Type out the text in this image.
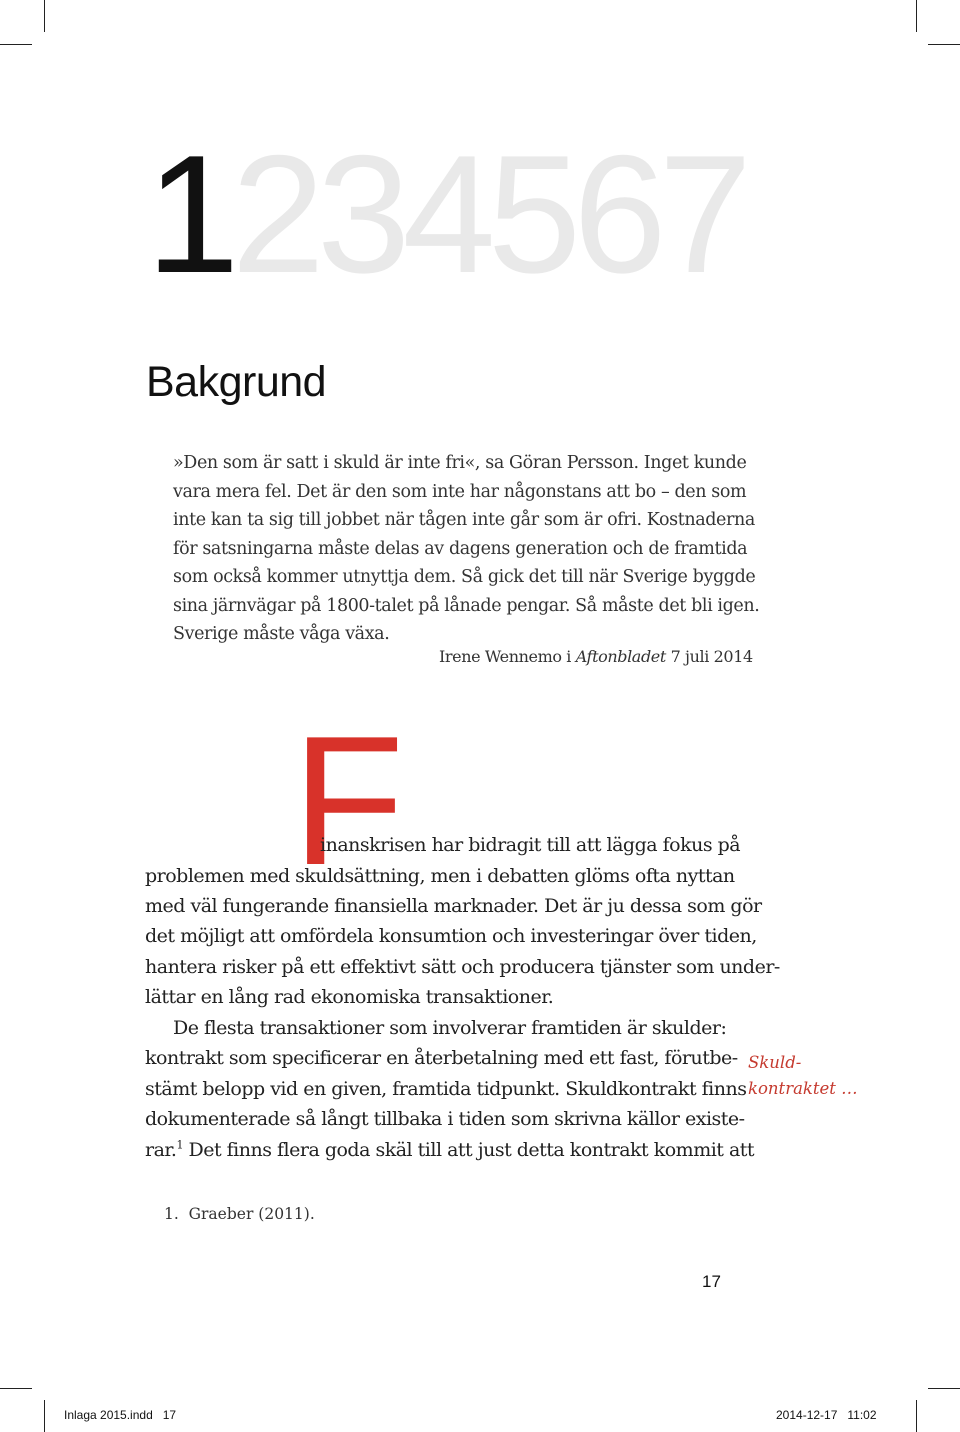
1234567
Bakgrund
»Den som är satt i skuld är inte fri«, sa Göran Persson. Inget kunde
vara mera fel. Det är den som inte har någonstans att bo – den som
inte kan ta sig till jobbet när tågen inte går som är ofri. Kostnaderna
för satsningarna måste delas av dagens generation och de framtida
som också kommer utnyttja dem. Så gick det till när Sverige byggde
sina järnvägar på 1800-talet på lånade pengar. Så måste det bli igen.
Sverige måste våga växa.
Irene Wennemo i Aftonbladet 7 juli 2014
F
inanskrisen har bidragit till att lägga fokus på
problemen med skuldsättning, men i debatten glöms ofta nyttan
med väl fungerande finansiella marknader. Det är ju dessa som gör
det möjligt att omfördela konsumtion och investeringar över tiden,
hantera risker på ett effektivt sätt och producera tjänster som under-
lättar en lång rad ekonomiska transaktioner.
De flesta transaktioner som involverar framtiden är skulder:
kontrakt som specificerar en återbetalning med ett fast, förutbe-
stämt belopp vid en given, framtida tidpunkt. Skuldkontrakt finns
dokumenterade så långt tillbaka i tiden som skrivna källor existe-
rar.$^1$ Det finns flera goda skäl till att just detta kontrakt kommit att
Skuld-
kontraktet …
1.  Graeber (2011).
17
Inlaga 2015.indd   17	2014-12-17   11:02
